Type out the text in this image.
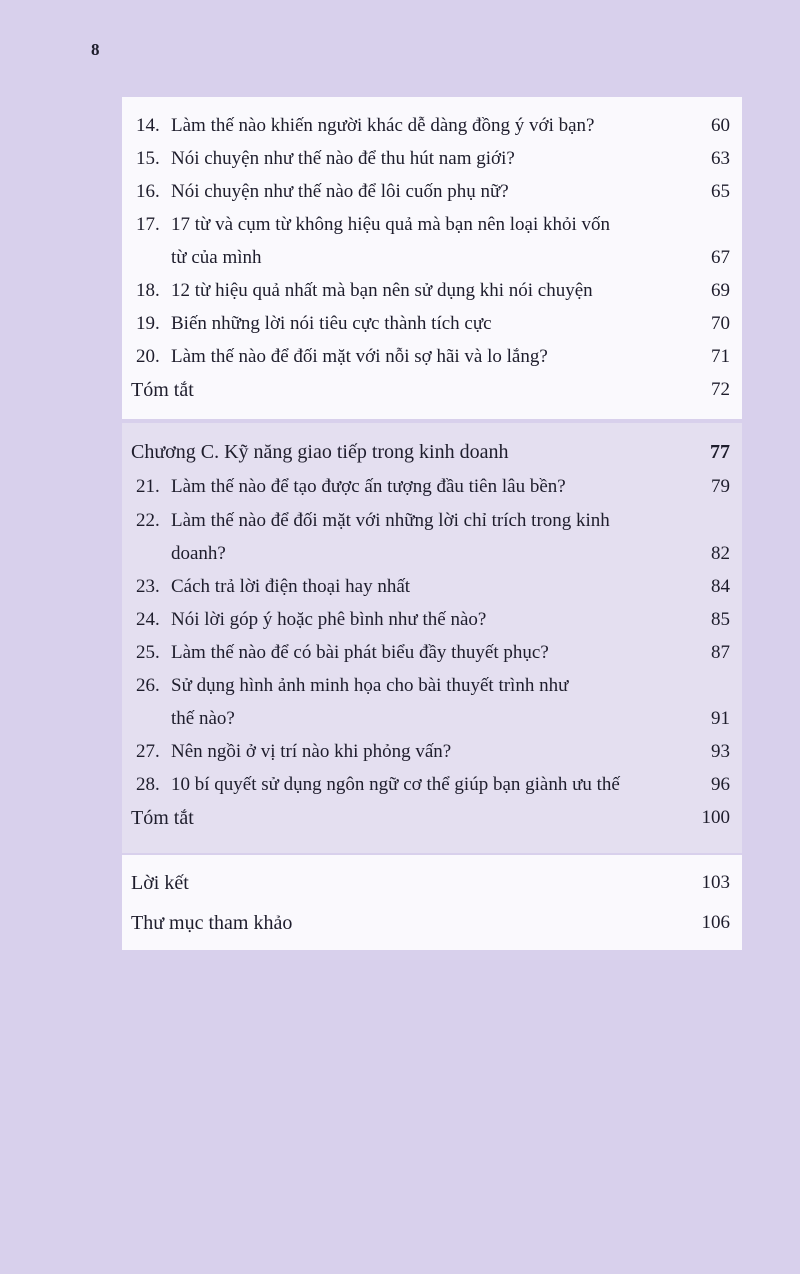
8
14. Làm thế nào khiến người khác dễ dàng đồng ý với bạn?	60
15. Nói chuyện như thế nào để thu hút nam giới?	63
16. Nói chuyện như thế nào để lôi cuốn phụ nữ?	65
17. 17 từ và cụm từ không hiệu quả mà bạn nên loại khỏi vốn
từ của mình	67
18. 12 từ hiệu quả nhất mà bạn nên sử dụng khi nói chuyện	69
19. Biến những lời nói tiêu cực thành tích cực	70
20. Làm thế nào để đối mặt với nỗi sợ hãi và lo lắng?	71
Tóm tắt	72
Chương C. Kỹ năng giao tiếp trong kinh doanh	77
21. Làm thế nào để tạo được ấn tượng đầu tiên lâu bền?	79
22. Làm thế nào để đối mặt với những lời chỉ trích trong kinh
doanh?	82
23. Cách trả lời điện thoại hay nhất	84
24. Nói lời góp ý hoặc phê bình như thế nào?	85
25. Làm thế nào để có bài phát biểu đầy thuyết phục?	87
26. Sử dụng hình ảnh minh họa cho bài thuyết trình như
thế nào?	91
27. Nên ngồi ở vị trí nào khi phỏng vấn?	93
28. 10 bí quyết sử dụng ngôn ngữ cơ thể giúp bạn giành ưu thế	96
Tóm tắt	100
Lời kết	103
Thư mục tham khảo	106
